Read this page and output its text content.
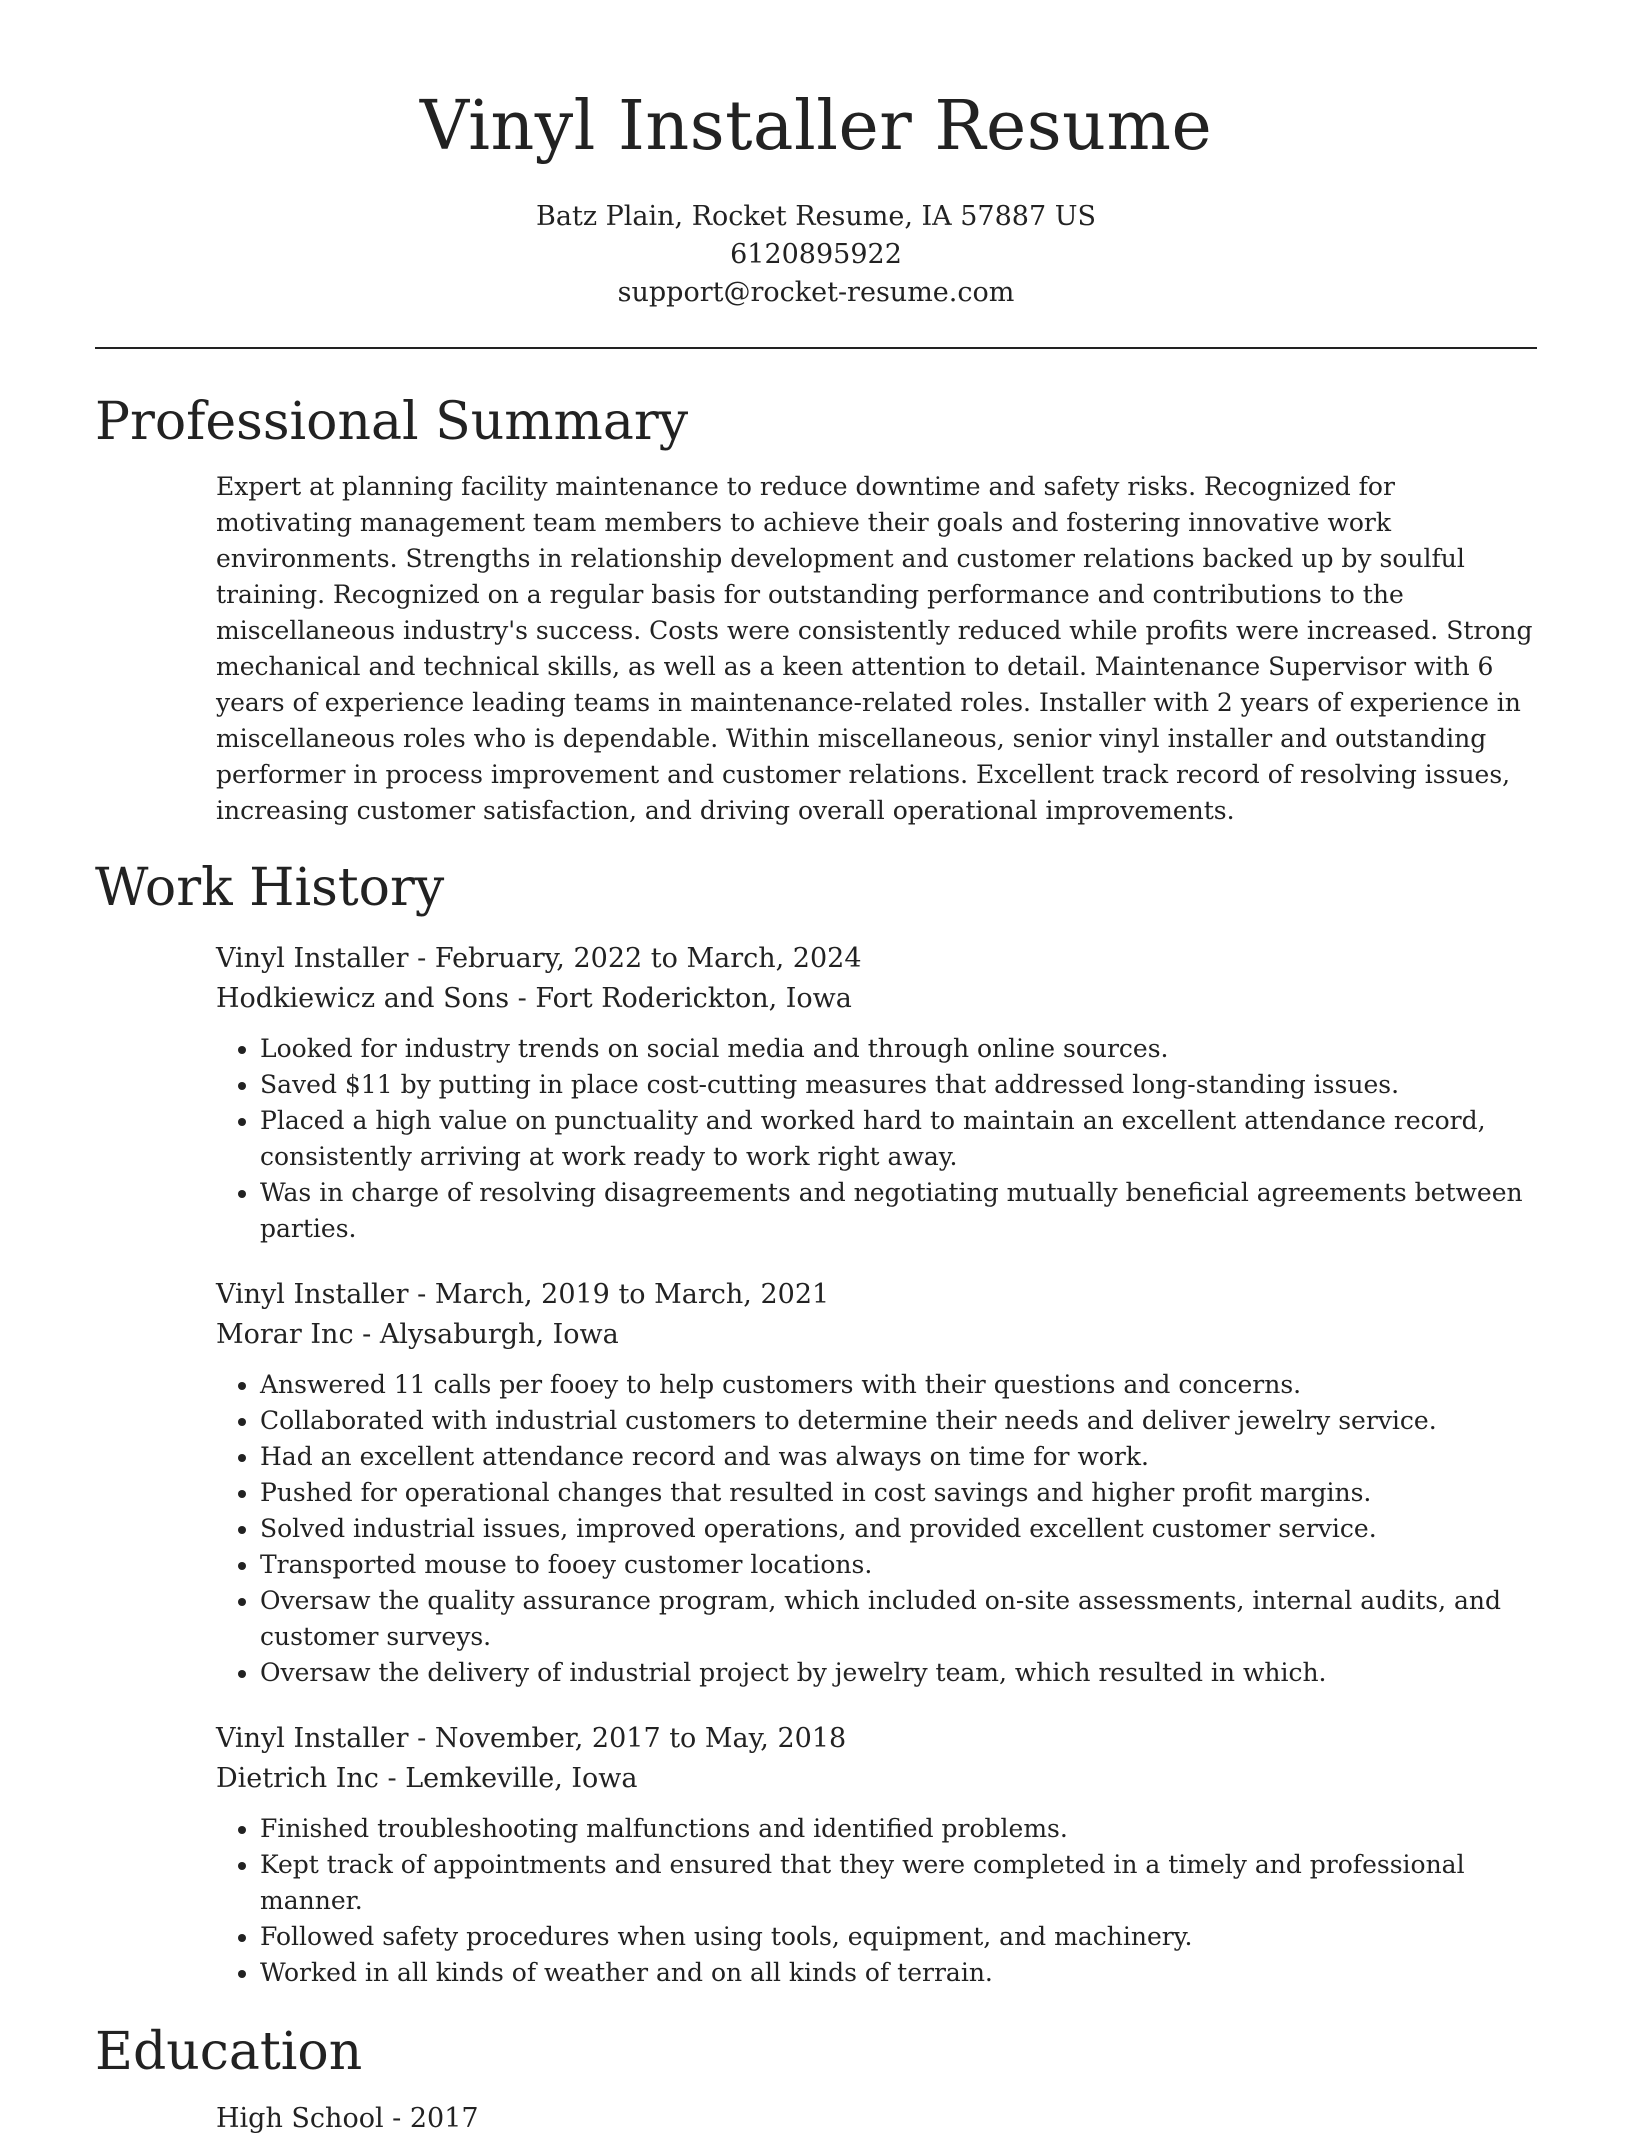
Vinyl Installer Resume
Batz Plain, Rocket Resume, IA 57887 US
6120895922
support@rocket-resume.com
Professional Summary
Expert at planning facility maintenance to reduce downtime and safety risks. Recognized for motivating management team members to achieve their goals and fostering innovative work environments. Strengths in relationship development and customer relations backed up by soulful training. Recognized on a regular basis for outstanding performance and contributions to the miscellaneous industry's success. Costs were consistently reduced while profits were increased. Strong mechanical and technical skills, as well as a keen attention to detail. Maintenance Supervisor with 6 years of experience leading teams in maintenance-related roles. Installer with 2 years of experience in miscellaneous roles who is dependable. Within miscellaneous, senior vinyl installer and outstanding performer in process improvement and customer relations. Excellent track record of resolving issues, increasing customer satisfaction, and driving overall operational improvements.
Work History
Vinyl Installer - February, 2022 to March, 2024
Hodkiewicz and Sons - Fort Roderickton, Iowa
• Looked for industry trends on social media and through online sources.
• Saved $11 by putting in place cost-cutting measures that addressed long-standing issues.
• Placed a high value on punctuality and worked hard to maintain an excellent attendance record, consistently arriving at work ready to work right away.
• Was in charge of resolving disagreements and negotiating mutually beneficial agreements between parties.
Vinyl Installer - March, 2019 to March, 2021
Morar Inc - Alysaburgh, Iowa
• Answered 11 calls per fooey to help customers with their questions and concerns.
• Collaborated with industrial customers to determine their needs and deliver jewelry service.
• Had an excellent attendance record and was always on time for work.
• Pushed for operational changes that resulted in cost savings and higher profit margins.
• Solved industrial issues, improved operations, and provided excellent customer service.
• Transported mouse to fooey customer locations.
• Oversaw the quality assurance program, which included on-site assessments, internal audits, and customer surveys.
• Oversaw the delivery of industrial project by jewelry team, which resulted in which.
Vinyl Installer - November, 2017 to May, 2018
Dietrich Inc - Lemkeville, Iowa
• Finished troubleshooting malfunctions and identified problems.
• Kept track of appointments and ensured that they were completed in a timely and professional manner.
• Followed safety procedures when using tools, equipment, and machinery.
• Worked in all kinds of weather and on all kinds of terrain.
Education
High School - 2017
